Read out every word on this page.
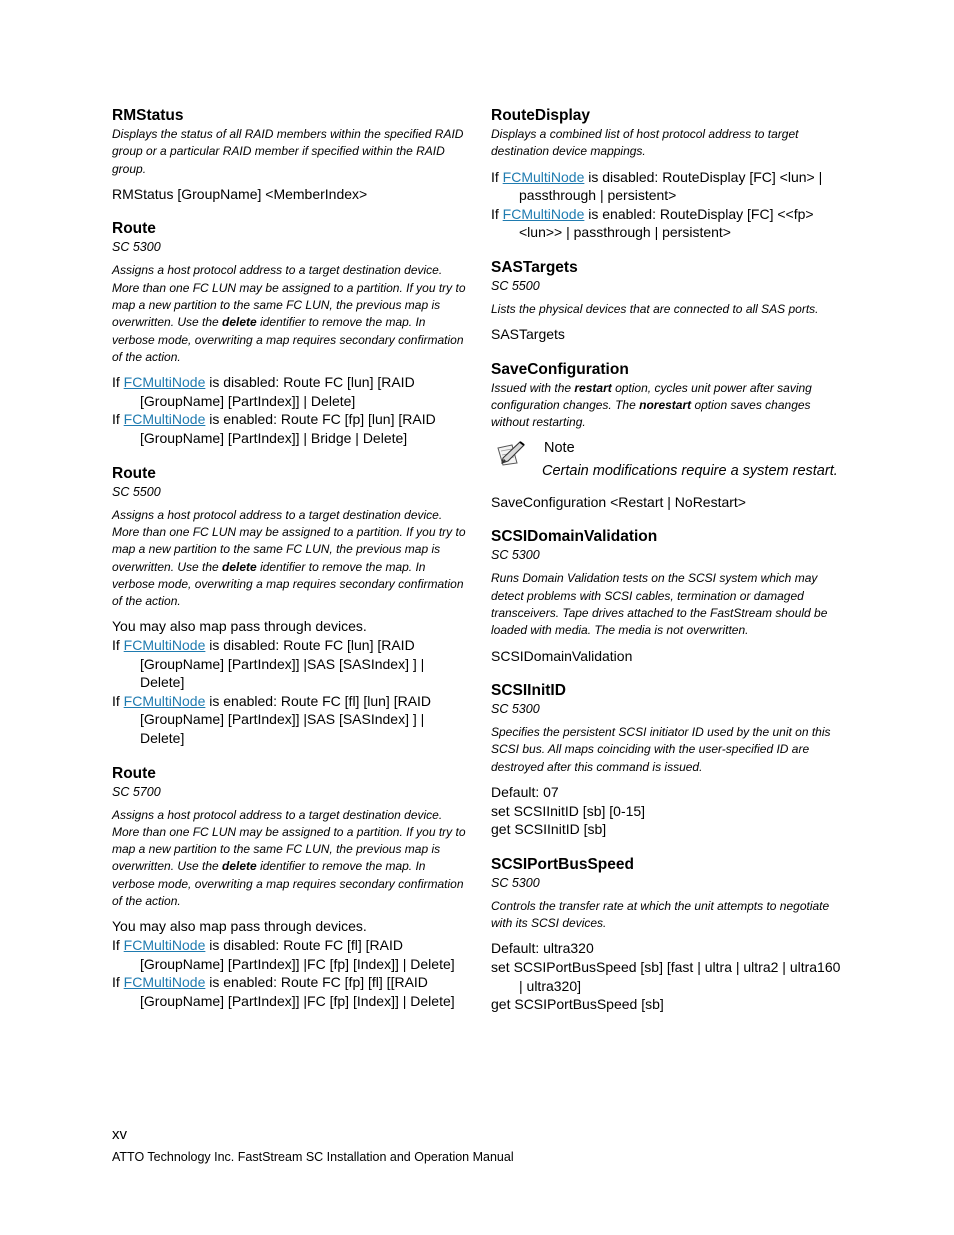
RMStatus
Displays the status of all RAID members within the specified RAID group or a particular RAID member if specified within the RAID group.
RMStatus [GroupName] <MemberIndex>
Route
SC 5300
Assigns a host protocol address to a target destination device. More than one FC LUN may be assigned to a partition. If you try to map a new partition to the same FC LUN, the previous map is overwritten. Use the delete identifier to remove the map. In verbose mode, overwriting a map requires secondary confirmation of the action.
If FCMultiNode is disabled: Route FC [lun] [RAID [GroupName] [PartIndex]] | Delete]
If FCMultiNode is enabled: Route FC [fp] [lun] [RAID [GroupName] [PartIndex]] | Bridge | Delete]
Route
SC 5500
Assigns a host protocol address to a target destination device. More than one FC LUN may be assigned to a partition. If you try to map a new partition to the same FC LUN, the previous map is overwritten. Use the delete identifier to remove the map. In verbose mode, overwriting a map requires secondary confirmation of the action.
You may also map pass through devices.
If FCMultiNode is disabled: Route FC [lun] [RAID [GroupName] [PartIndex]] |SAS [SASIndex] ] | Delete]
If FCMultiNode is enabled: Route FC [fl] [lun] [RAID [GroupName] [PartIndex]] |SAS [SASIndex] ] | Delete]
Route
SC 5700
Assigns a host protocol address to a target destination device. More than one FC LUN may be assigned to a partition. If you try to map a new partition to the same FC LUN, the previous map is overwritten. Use the delete identifier to remove the map. In verbose mode, overwriting a map requires secondary confirmation of the action.
You may also map pass through devices.
If FCMultiNode is disabled: Route FC [fl] [RAID [GroupName] [PartIndex]] |FC [fp] [Index]] | Delete]
If FCMultiNode is enabled: Route FC [fp] [fl] [[RAID [GroupName] [PartIndex]] |FC [fp] [Index]] | Delete]
RouteDisplay
Displays a combined list of host protocol address to target destination device mappings.
If FCMultiNode is disabled: RouteDisplay [FC] <lun> | passthrough | persistent>
If FCMultiNode is enabled: RouteDisplay [FC] <<fp> <lun>> | passthrough | persistent>
SASTargets
SC 5500
Lists the physical devices that are connected to all SAS ports.
SASTargets
SaveConfiguration
Issued with the restart option, cycles unit power after saving configuration changes. The norestart option saves changes without restarting.
Note
Certain modifications require a system restart.
SaveConfiguration <Restart | NoRestart>
SCSIDomainValidation
SC 5300
Runs Domain Validation tests on the SCSI system which may detect problems with SCSI cables, termination or damaged transceivers. Tape drives attached to the FastStream should be loaded with media. The media is not overwritten.
SCSIDomainValidation
SCSIInitID
SC 5300
Specifies the persistent SCSI initiator ID used by the unit on this SCSI bus. All maps coinciding with the user-specified ID are destroyed after this command is issued.
Default: 07
set SCSIInitID [sb] [0-15]
get SCSIInitID [sb]
SCSIPortBusSpeed
SC 5300
Controls the transfer rate at which the unit attempts to negotiate with its SCSI devices.
Default: ultra320
set SCSIPortBusSpeed [sb] [fast | ultra | ultra2 | ultra160 | ultra320]
get SCSIPortBusSpeed [sb]
xv
ATTO Technology Inc. FastStream SC Installation and Operation Manual
